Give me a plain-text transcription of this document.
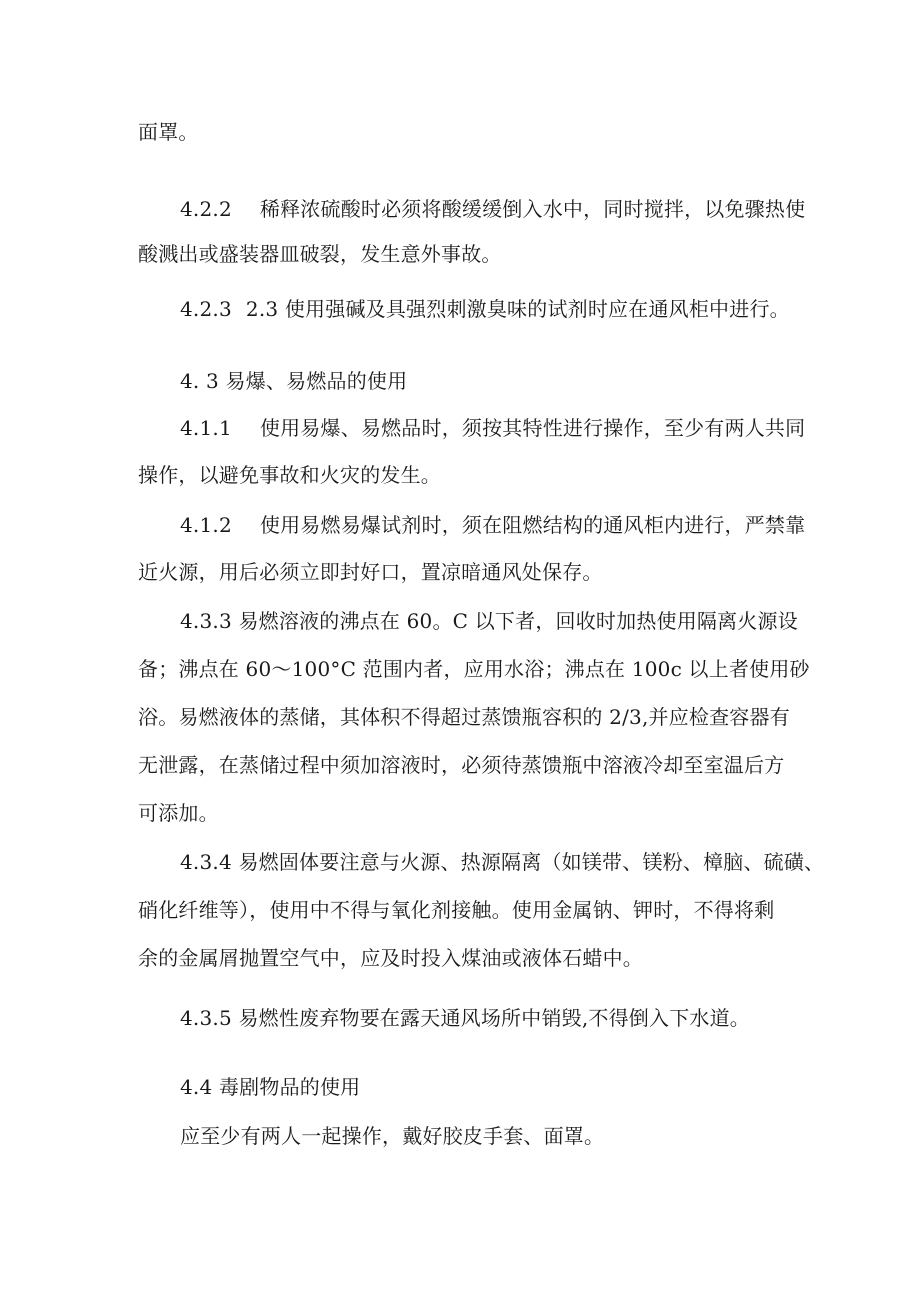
面罩。
4.2.2 稀释浓硫酸时必须将酸缓缓倒入水中，同时搅拌，以免骤热使
酸溅出或盛装器皿破裂，发生意外事故。
4.2.3 2.3 使用强碱及具强烈刺激臭味的试剂时应在通风柜中进行。
4. 3 易爆、易燃品的使用
4.1.1 使用易爆、易燃品时，须按其特性进行操作，至少有两人共同
操作，以避免事故和火灾的发生。
4.1.2 使用易燃易爆试剂时，须在阻燃结构的通风柜内进行，严禁靠
近火源，用后必须立即封好口，置凉暗通风处保存。
4.3.3 易燃溶液的沸点在 60。C 以下者，回收时加热使用隔离火源设
备；沸点在 60～100°C 范围内者，应用水浴；沸点在 100c 以上者使用砂
浴。易燃液体的蒸储，其体积不得超过蒸馈瓶容积的 2/3,并应检查容器有
无泄露，在蒸储过程中须加溶液时，必须待蒸馈瓶中溶液冷却至室温后方
可添加。
4.3.4 易燃固体要注意与火源、热源隔离（如镁带、镁粉、樟脑、硫磺、
硝化纤维等），使用中不得与氧化剂接触。使用金属钠、钾时，不得将剩
余的金属屑抛置空气中，应及时投入煤油或液体石蜡中。
4.3.5 易燃性废弃物要在露天通风场所中销毁,不得倒入下水道。
4.4 毒剧物品的使用
应至少有两人一起操作，戴好胶皮手套、面罩。
